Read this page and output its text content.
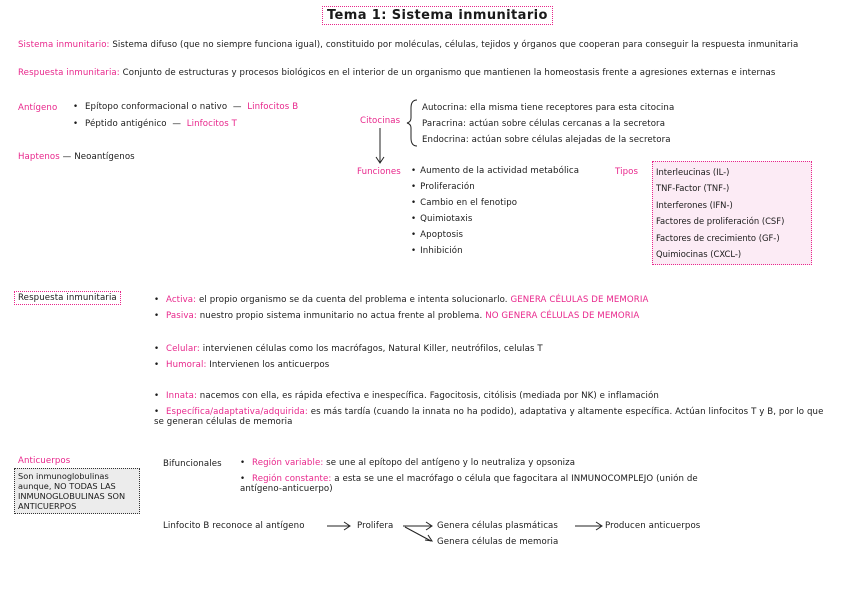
Tema 1: Sistema inmunitario
Sistema inmunitario: Sistema difuso (que no siempre funciona igual), constituido por moléculas, células, tejidos y órganos que cooperan para conseguir la respuesta inmunitaria
Respuesta inmunitaria: Conjunto de estructuras y procesos biológicos en el interior de un organismo que mantienen la homeostasis frente a agresiones externas e internas
Antígeno	• Epítopo conformacional o nativo  —  Linfocitos B
• Péptido antigénico  —  Linfocitos T
Haptenos — Neoantígenos
Citocinas
Autocrina: ella misma tiene receptores para esta citocina
Paracrina: actúan sobre células cercanas a la secretora
Endocrina: actúan sobre células alejadas de la secretora
Funciones	• Aumento de la actividad metabólica
• Proliferación
• Cambio en el fenotipo
• Quimiotaxis
• Apoptosis
• Inhibición
Tipos Interleucinas (IL-)
TNF-Factor (TNF-)
Interferones (IFN-)
Factores de proliferación (CSF)
Factores de crecimiento (GF-)
Quimiocinas (CXCL-)
Respuesta inmunitaria	• Activa: el propio organismo se da cuenta del problema e intenta solucionarlo. GENERA CÉLULAS DE MEMORIA
• Pasiva: nuestro propio sistema inmunitario no actua frente al problema. NO GENERA CÉLULAS DE MEMORIA
• Celular: intervienen células como los macrófagos, Natural Killer, neutrófilos, celulas T
• Humoral: Intervienen los anticuerpos
• Innata: nacemos con ella, es rápida efectiva e inespecífica. Fagocitosis, citólisis (mediada por NK) e inflamación
• Específica/adaptativa/adquirida: es más tardía (cuando la innata no ha podido), adaptativa y altamente específica. Actúan linfocitos T y B, por lo que se generan células de memoria
Anticuerpos
Son inmunoglobulinas aunque, NO TODAS LAS INMUNOGLOBULINAS SON ANTICUERPOS
Bifuncionales	• Región variable: se une al epítopo del antígeno y lo neutraliza y opsoniza
• Región constante: a esta se une el macrófago o célula que fagocitara al INMUNOCOMPLEJO (unión de antígeno-anticuerpo)
Linfocito B reconoce al antígeno	Prolifera	Genera células plasmáticas	Producen anticuerpos
Genera células de memoria
